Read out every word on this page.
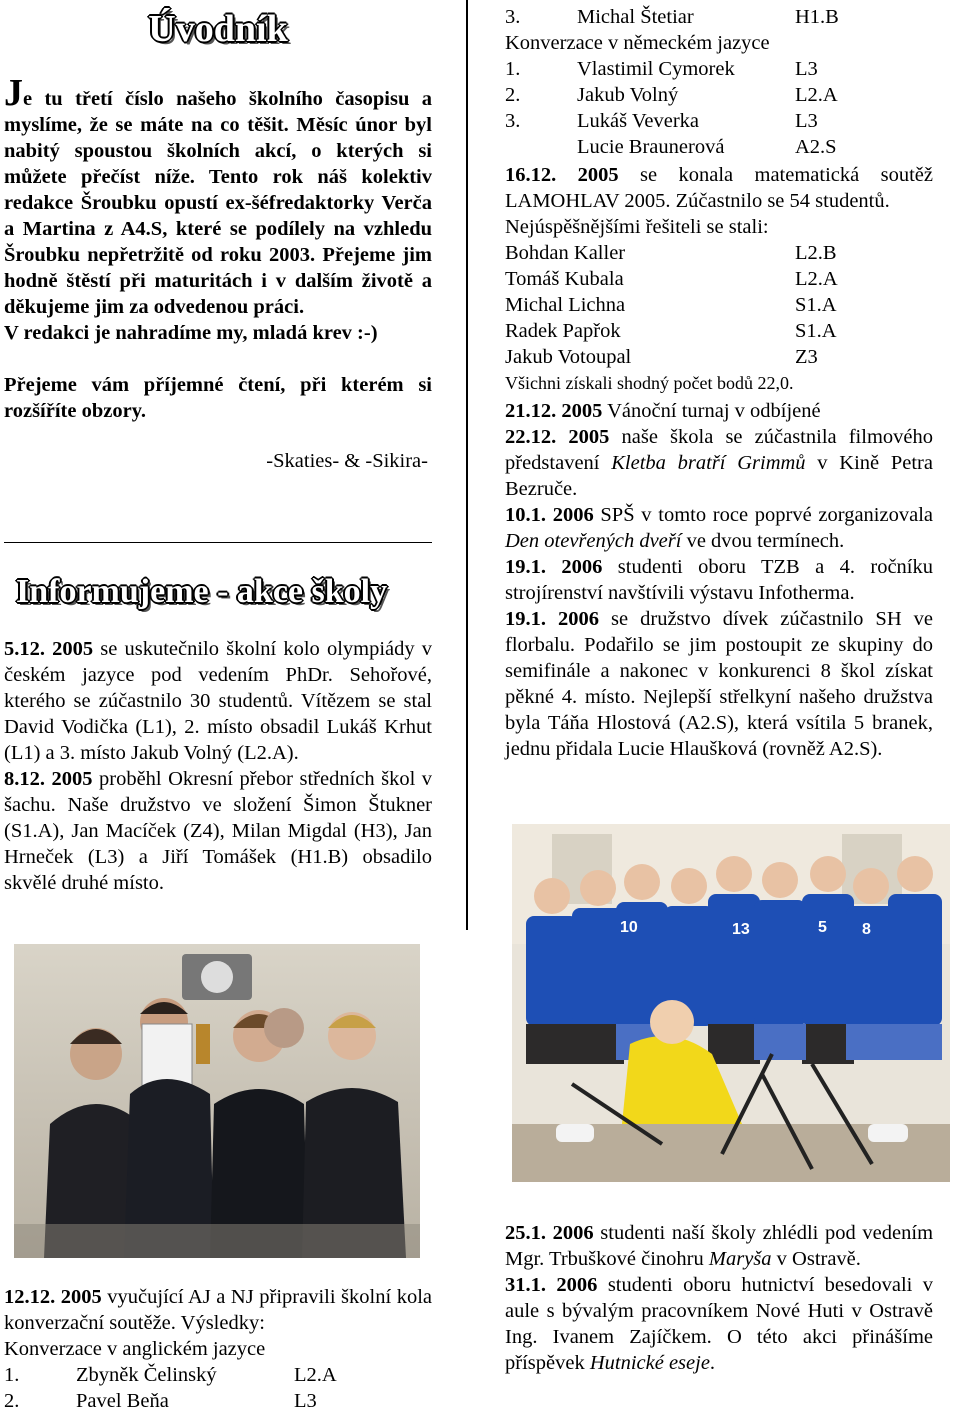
Úvodník

Je tu třetí číslo našeho školního časopisu a myslíme, že se máte na co těšit. Měsíc únor byl nabitý spoustou školních akcí, o kterých si můžete přečíst níže. Tento rok náš kolektiv redakce Šroubku opustí ex-šéfredaktorky Verča a Martina z A4.S, které se podílely na vzhledu Šroubku nepřetržitě od roku 2003. Přejeme jim hodně štěstí při maturitách i v dalším životě a děkujeme jim za odvedenou práci.

V redakci je nahradíme my, mladá krev :-)

Přejeme vám příjemné čtení, při kterém si rozšíříte obzory.

-Skaties- & -Sikira-
Informujeme - akce školy

5.12. 2005 se uskutečnilo školní kolo olympiády v českém jazyce pod vedením PhDr. Sehořové, kterého se zúčastnilo 30 studentů. Vítězem se stal David Vodička (L1), 2. místo obsadil Lukáš Krhut (L1) a 3. místo Jakub Volný (L2.A).

8.12. 2005 proběhl Okresní přebor středních škol v šachu. Naše družstvo ve složení Šimon Štukner (S1.A), Jan Macíček (Z4), Milan Migdal (H3), Jan Hrneček (L3) a Jiří Tomášek (H1.B) obsadilo skvělé druhé místo.

12.12. 2005 vyučující AJ a NJ připravili školní kola konverzační soutěže. Výsledky:

Konverzace v anglickém jazyce

1.	Zbyněk Čelinský	L2.A
2.	Pavel Beňa	L3
3.	Michal Štetiar	H1.B

Konverzace v německém jazyce

1.	Vlastimil Cymorek	L3
2.	Jakub Volný	L2.A
3.	Lukáš Veverka	L3
Lucie Braunerová	A2.S

16.12. 2005 se konala matematická soutěž LAMOHLAV 2005. Zúčastnilo se 54 studentů.

Nejúspěšnějšími řešiteli se stali:

Bohdan Kaller	L2.B
Tomáš Kubala	L2.A
Michal Lichna	S1.A
Radek Papřok	S1.A
Jakub Votoupal	Z3

Všichni získali shodný počet bodů 22,0.

21.12. 2005 Vánoční turnaj v odbíjené

22.12. 2005 naše škola se zúčastnila filmového představení Kletba bratří Grimmů v Kině Petra Bezruče.

10.1. 2006 SPŠ v tomto roce poprvé zorganizovala Den otevřených dveří ve dvou termínech.

19.1. 2006 studenti oboru TZB a 4. ročníku strojírenství navštívili výstavu Infotherma.

19.1. 2006 se družstvo dívek zúčastnilo SH ve florbalu. Podařilo se jim postoupit ze skupiny do semifinále a nakonec v konkurenci 8 škol získat pěkné 4. místo. Nejlepší střelkyní našeho družstva byla Táňa Hlostová (A2.S), která vsítila 5 branek, jednu přidala Lucie Hlaušková (rovněž A2.S).

10	13	5 8

25.1. 2006 studenti naší školy zhlédli pod vedením Mgr. Trbuškové činohru Maryša v Ostravě.

31.1. 2006 studenti oboru hutnictví besedovali v aule s bývalým pracovníkem Nové Huti v Ostravě Ing. Ivanem Zajíčkem. O této akci přinášíme příspěvek Hutnické eseje.
